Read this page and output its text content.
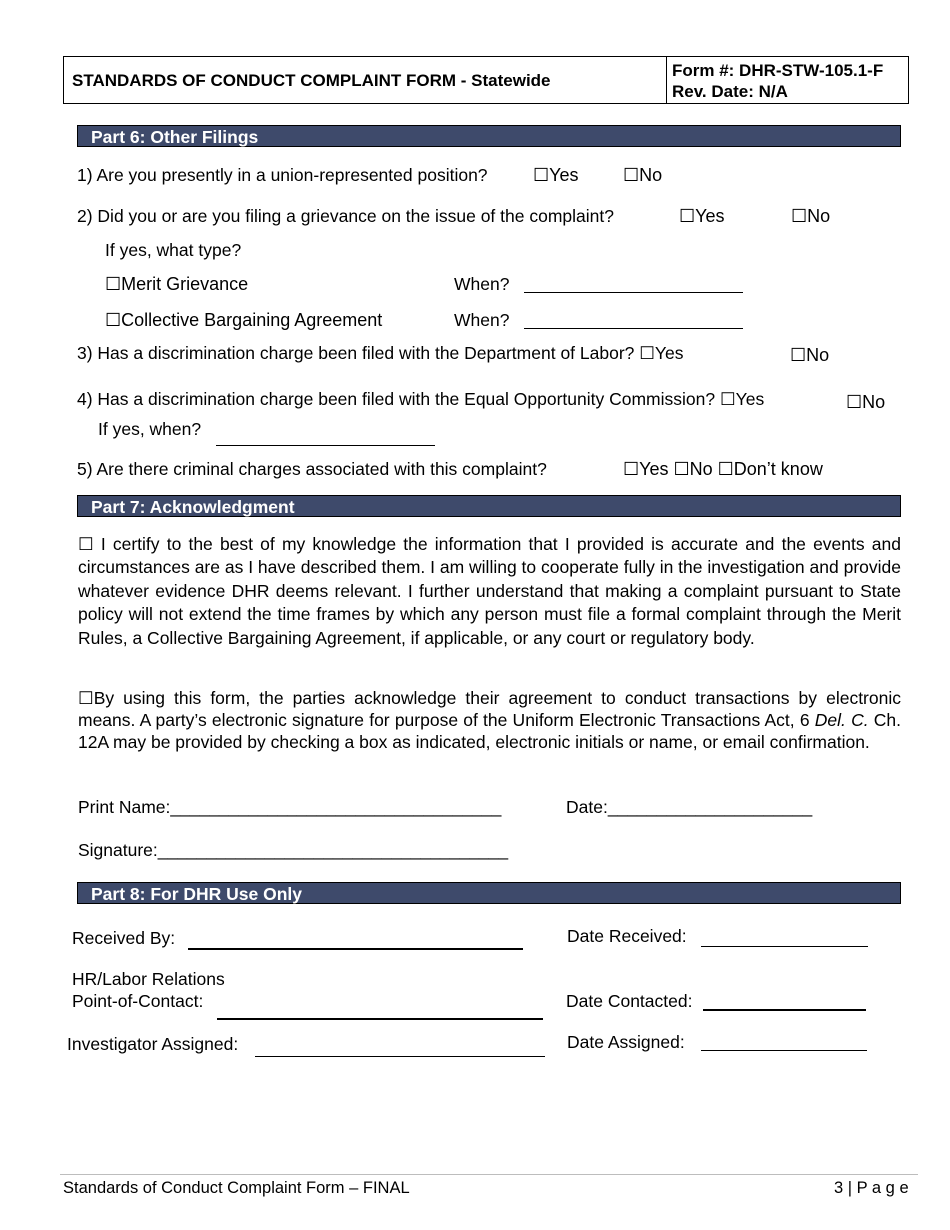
STANDARDS OF CONDUCT COMPLAINT FORM - Statewide
Form #: DHR-STW-105.1-F
Rev. Date: N/A
Part 6: Other Filings
1) Are you presently in a union-represented position?	☐Yes ☐No
2) Did you or are you filing a grievance on the issue of the complaint?	☐Yes	☐No
If yes, what type?
☐Merit Grievance	When?
☐Collective Bargaining Agreement	When?
3) Has a discrimination charge been filed with the Department of Labor? ☐Yes	☐No
4) Has a discrimination charge been filed with the Equal Opportunity Commission? ☐Yes	☐No
If yes, when?
5) Are there criminal charges associated with this complaint?	☐Yes ☐No ☐Don’t know
Part 7: Acknowledgment
☐ I certify to the best of my knowledge the information that I provided is accurate and the events and circumstances are as I have described them. I am willing to cooperate fully in the investigation and provide whatever evidence DHR deems relevant. I further understand that making a complaint pursuant to State policy will not extend the time frames by which any person must file a formal complaint through the Merit Rules, a Collective Bargaining Agreement, if applicable, or any court or regulatory body.
☐By using this form, the parties acknowledge their agreement to conduct transactions by electronic means. A party’s electronic signature for purpose of the Uniform Electronic Transactions Act, 6 Del. C. Ch. 12A may be provided by checking a box as indicated, electronic initials or name, or email confirmation.
Print Name:__________________________________	Date:_____________________
Signature:____________________________________
Part 8: For DHR Use Only
Received By:	Date Received:
HR/Labor Relations
Point-of-Contact:	Date Contacted:
Investigator Assigned:	Date Assigned:
Standards of Conduct Complaint Form – FINAL	3 | P a g e
